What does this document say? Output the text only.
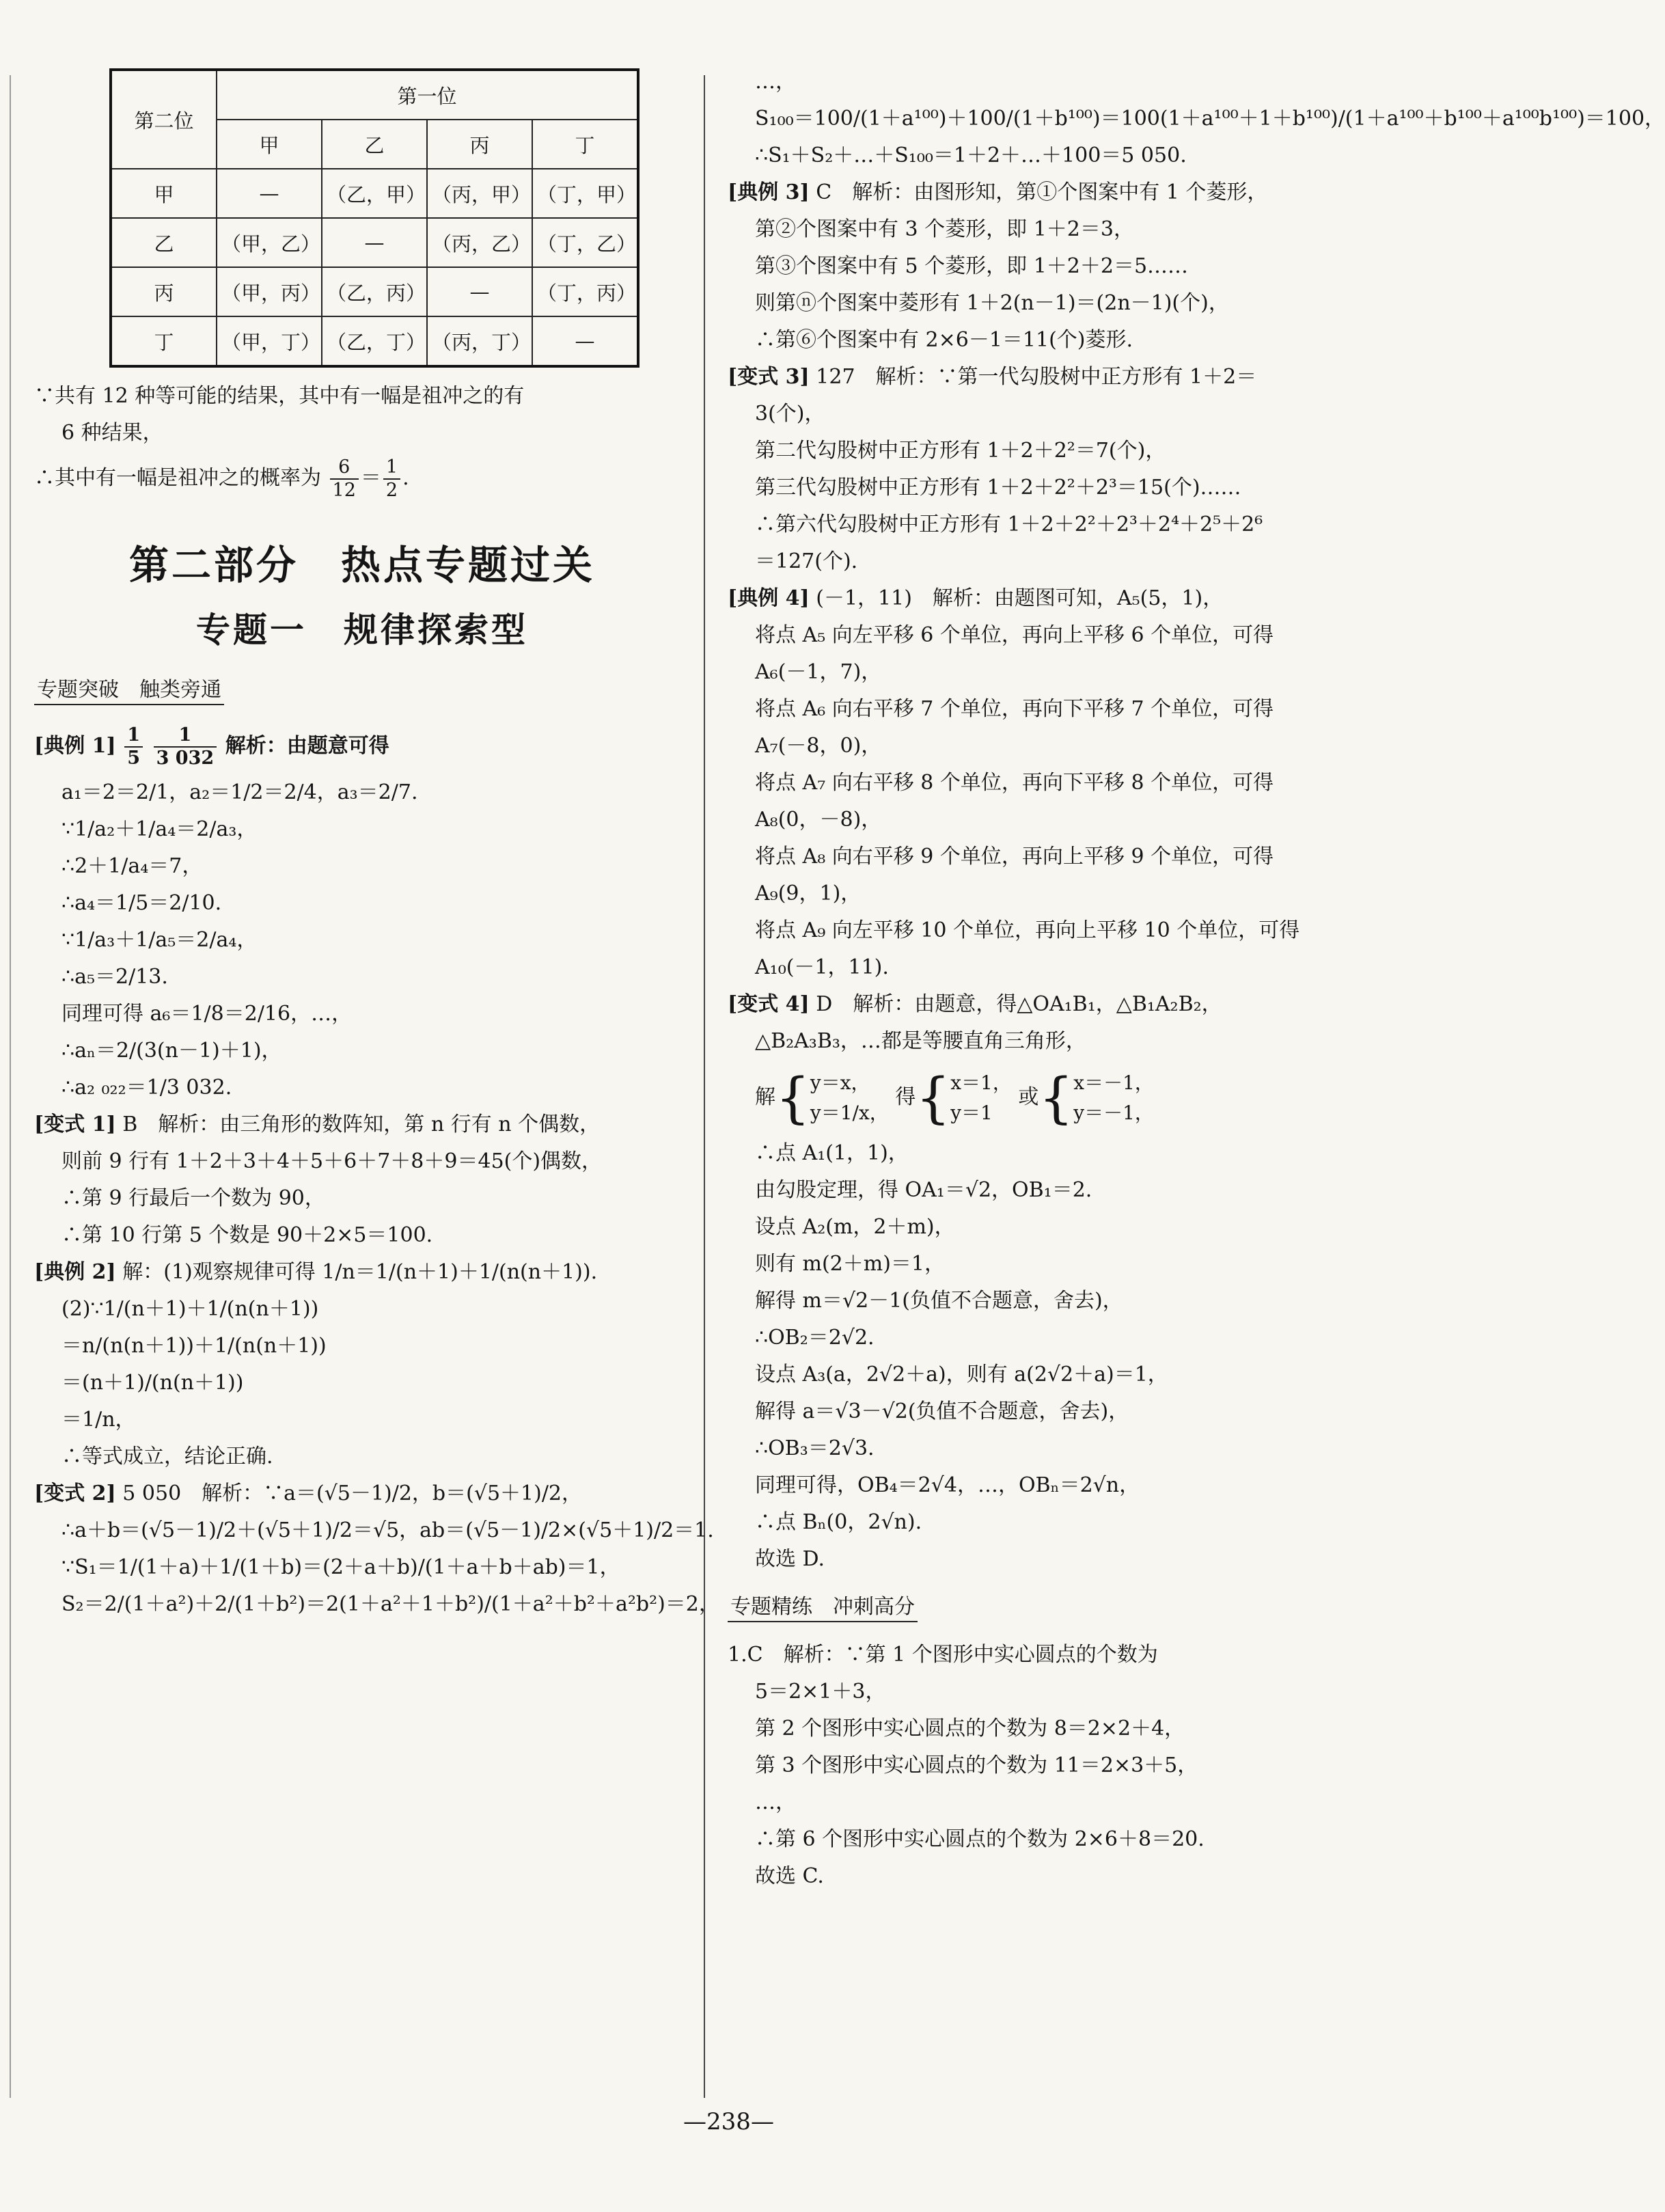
第二位	第一位			
	甲	乙	丙	丁
甲	—	（乙，甲）	（丙，甲）	（丁，甲）
乙	（甲，乙）	—	（丙，乙）	（丁，乙）
丙	（甲，丙）	（乙，丙）	—	（丁，丙）
丁	（甲，丁）	（乙，丁）	（丙，丁）	—
∵共有 12 种等可能的结果，其中有一幅是祖冲之的有
6 种结果，
∴其中有一幅是祖冲之的概率为 $\frac{6}{12} = \frac{1}{2}$ .
第二部分　热点专题过关
专题一　规律探索型
专题突破　触类旁通
[典例 $1] \frac{1}{5}$
$\frac{1}{3 032}$ 解析：由题意可得
a₁＝2＝2/1，a₂＝1/2＝2/4，a₃＝2/7.
∵1/a₂＋1/a₄＝2/a₃，
∴2＋1/a₄＝7，
∴a₄＝1/5＝2/10.
∵1/a₃＋1/a₅＝2/a₄，
∴a₅＝2/13.
同理可得 a₆＝1/8＝2/16，…，
∴aₙ＝2/(3(n－1)＋1)，
∴a₂ ₀₂₂＝1/3 032.
[变式 1] B　解析：由三角形的数阵知，第 n 行有 n 个偶数，
则前 9 行有 1＋2＋3＋4＋5＋6＋7＋8＋9＝45(个)偶数，
∴第 9 行最后一个数为 90，
∴第 10 行第 5 个数是 90＋2×5＝100.
[典例 2] 解：(1)观察规律可得 1/n＝1/(n＋1)＋1/(n(n＋1)).
(2)∵1/(n＋1)＋1/(n(n＋1))
＝n/(n(n＋1))＋1/(n(n＋1))
＝(n＋1)/(n(n＋1))
＝1/n，
∴等式成立，结论正确.
[变式 2] 5 050　解析：∵a＝(√5－1)/2，b＝(√5＋1)/2，
∴a＋b＝(√5－1)/2＋(√5＋1)/2＝√5，ab＝(√5－1)/2×(√5＋1)/2＝1.
∵S₁＝1/(1＋a)＋1/(1＋b)＝(2＋a＋b)/(1＋a＋b＋ab)＝1，
S₂＝2/(1＋a²)＋2/(1＋b²)＝2(1＋a²＋1＋b²)/(1＋a²＋b²＋a²b²)＝2，
…，
S₁₀₀＝100/(1＋a¹⁰⁰)＋100/(1＋b¹⁰⁰)＝100(1＋a¹⁰⁰＋1＋b¹⁰⁰)/(1＋a¹⁰⁰＋b¹⁰⁰＋a¹⁰⁰b¹⁰⁰)＝100，
∴S₁＋S₂＋…＋S₁₀₀＝1＋2＋…＋100＝5 050.
[典例 3] C　解析：由图形知，第①个图案中有 1 个菱形，
第②个图案中有 3 个菱形，即 1＋2＝3，
第③个图案中有 5 个菱形，即 1＋2＋2＝5……
则第ⓝ个图案中菱形有 1＋2(n－1)＝(2n－1)(个)，
∴第⑥个图案中有 2×6－1＝11(个)菱形.
[变式 3] 127　解析：∵第一代勾股树中正方形有 1＋2＝
3(个)，
第二代勾股树中正方形有 1＋2＋2²＝7(个)，
第三代勾股树中正方形有 1＋2＋2²＋2³＝15(个)……
∴第六代勾股树中正方形有 1＋2＋2²＋2³＋2⁴＋2⁵＋2⁶
＝127(个).
[典例 4] (－1，11)　解析：由题图可知，A₅(5，1)，
将点 A₅ 向左平移 6 个单位，再向上平移 6 个单位，可得
A₆(－1，7)，
将点 A₆ 向右平移 7 个单位，再向下平移 7 个单位，可得
A₇(－8，0)，
将点 A₇ 向右平移 8 个单位，再向下平移 8 个单位，可得
A₈(0，－8)，
将点 A₈ 向右平移 9 个单位，再向上平移 9 个单位，可得
A₉(9，1)，
将点 A₉ 向左平移 10 个单位，再向上平移 10 个单位，可得
A₁₀(－1，11).
[变式 4] D　解析：由题意，得△OA₁B₁，△B₁A₂B₂，
△B₂A₃B₃，…都是等腰直角三角形，
解{ y＝x，
y＝1/x，
得{ x＝1，
y＝1
或{ x＝－1，
y＝－1，
∴点 A₁(1，1)，
由勾股定理，得 OA₁＝√2，OB₁＝2.
设点 A₂(m，2＋m)，
则有 m(2＋m)＝1，
解得 m＝√2－1(负值不合题意，舍去)，
∴OB₂＝2√2.
设点 A₃(a，2√2＋a)，则有 a(2√2＋a)＝1，
解得 a＝√3－√2(负值不合题意，舍去)，
∴OB₃＝2√3.
同理可得，OB₄＝2√4，…，OBₙ＝2√n，
∴点 Bₙ(0，2√n).
故选 D.
专题精练　冲刺高分
1.C　解析：∵第 1 个图形中实心圆点的个数为
5＝2×1＋3，
第 2 个图形中实心圆点的个数为 8＝2×2＋4，
第 3 个图形中实心圆点的个数为 11＝2×3＋5，
…，
∴第 6 个图形中实心圆点的个数为 2×6＋8＝20.
故选 C.
—238—
